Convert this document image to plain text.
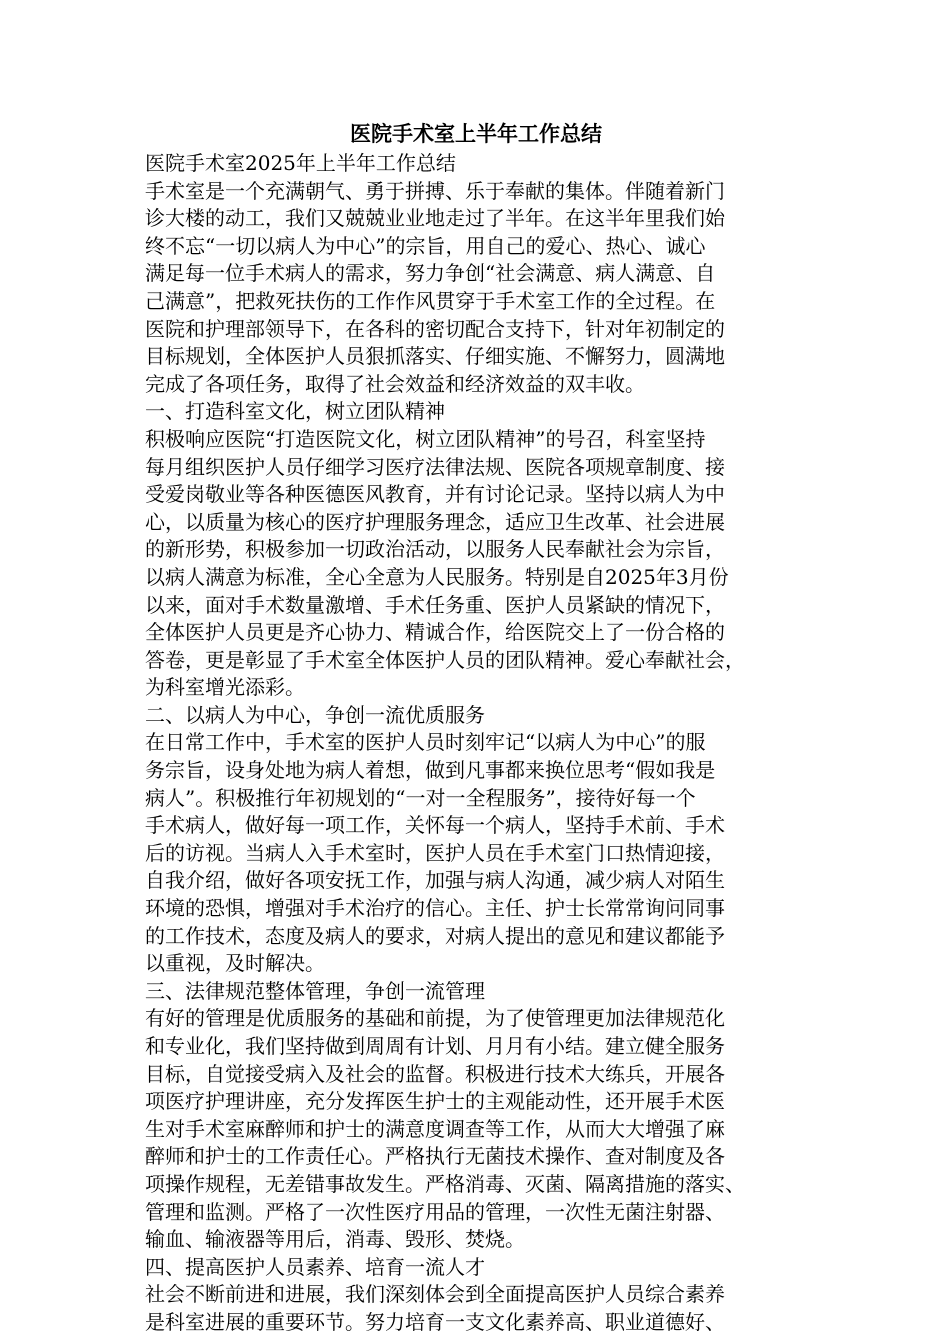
医院手术室上半年工作总结

医院手术室2025年上半年工作总结

手术室是一个充满朝气、勇于拼搏、乐于奉献的集体。伴随着新门

诊大楼的动工，我们又兢兢业业地走过了半年。在这半年里我们始

终不忘“一切以病人为中心”的宗旨，用自己的爱心、热心、诚心

满足每一位手术病人的需求，努力争创“社会满意、病人满意、自

己满意”，把救死扶伤的工作作风贯穿于手术室工作的全过程。在

医院和护理部领导下，在各科的密切配合支持下，针对年初制定的

目标规划，全体医护人员狠抓落实、仔细实施、不懈努力，圆满地

完成了各项任务，取得了社会效益和经济效益的双丰收。

一、打造科室文化，树立团队精神

积极响应医院“打造医院文化，树立团队精神”的号召，科室坚持

每月组织医护人员仔细学习医疗法律法规、医院各项规章制度、接

受爱岗敬业等各种医德医风教育，并有讨论记录。坚持以病人为中

心，以质量为核心的医疗护理服务理念，适应卫生改革、社会进展

的新形势，积极参加一切政治活动，以服务人民奉献社会为宗旨，

以病人满意为标准，全心全意为人民服务。特别是自2025年3月份

以来，面对手术数量激增、手术任务重、医护人员紧缺的情况下，

全体医护人员更是齐心协力、精诚合作，给医院交上了一份合格的

答卷，更是彰显了手术室全体医护人员的团队精神。爱心奉献社会，

为科室增光添彩。

二、以病人为中心，争创一流优质服务

在日常工作中，手术室的医护人员时刻牢记“以病人为中心”的服

务宗旨，设身处地为病人着想，做到凡事都来换位思考“假如我是

病人”。积极推行年初规划的“一对一全程服务”，接待好每一个

手术病人，做好每一项工作，关怀每一个病人，坚持手术前、手术

后的访视。当病人入手术室时，医护人员在手术室门口热情迎接，

自我介绍，做好各项安抚工作，加强与病人沟通，减少病人对陌生

环境的恐惧，增强对手术治疗的信心。主任、护士长常常询问同事

的工作技术，态度及病人的要求，对病人提出的意见和建议都能予

以重视，及时解决。

三、法律规范整体管理，争创一流管理

有好的管理是优质服务的基础和前提，为了使管理更加法律规范化

和专业化，我们坚持做到周周有计划、月月有小结。建立健全服务

目标，自觉接受病入及社会的监督。积极进行技术大练兵，开展各

项医疗护理讲座，充分发挥医生护士的主观能动性，还开展手术医

生对手术室麻醉师和护士的满意度调查等工作，从而大大增强了麻

醉师和护士的工作责任心。严格执行无菌技术操作、查对制度及各

项操作规程，无差错事故发生。严格消毒、灭菌、隔离措施的落实、

管理和监测。严格了一次性医疗用品的管理，一次性无菌注射器、

输血、输液器等用后，消毒、毁形、焚烧。

四、提高医护人员素养、培育一流人才

社会不断前进和进展，我们深刻体会到全面提高医护人员综合素养

是科室进展的重要环节。努力培育一支文化素养高、职业道德好、
